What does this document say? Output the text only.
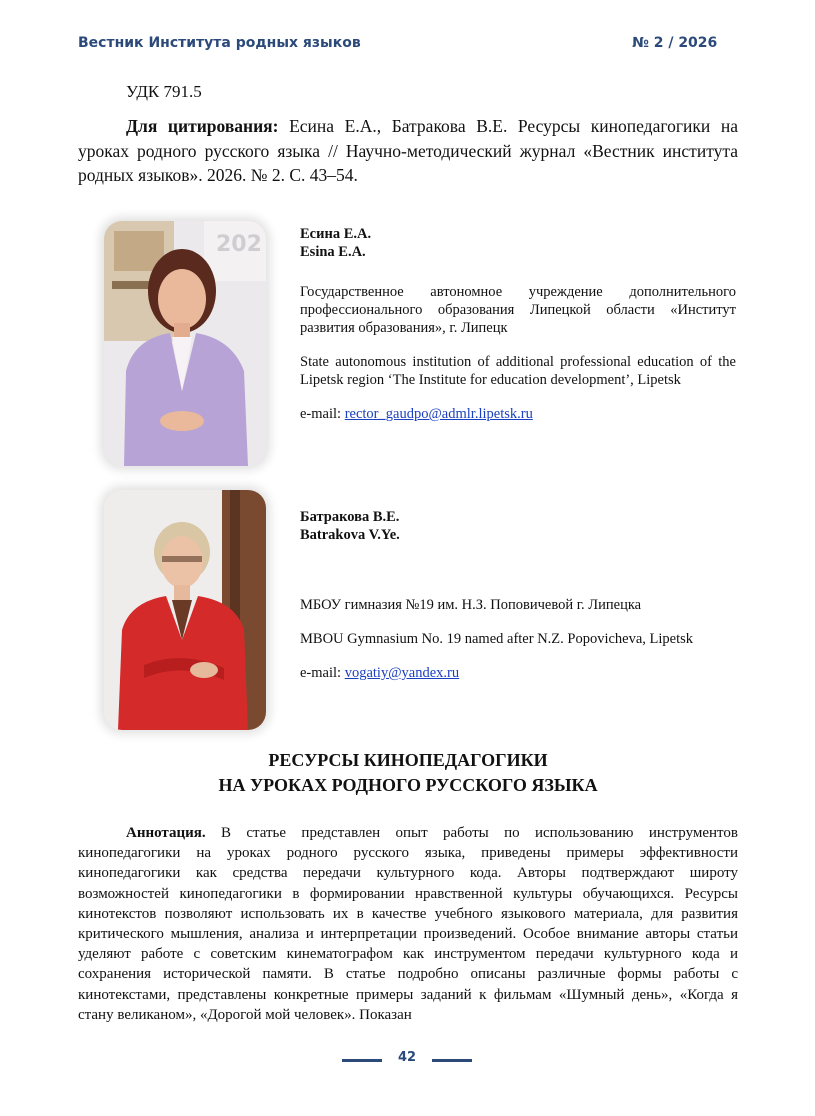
Вестник Института родных языков	№ 2 / 2026
УДК 791.5
Для цитирования: Есина Е.А., Батракова В.Е. Ресурсы кинопедагогики на уроках родного русского языка // Научно-методический журнал «Вестник института родных языков». 2026. № 2. С. 43–54.
202	Есина Е.А.
Esina E.A.

Государственное автономное учреждение дополнительного профессионального образования Липецкой области «Институт развития образования», г. Липецк

State autonomous institution of additional professional education of the Lipetsk region ‘The Institute for education development’, Lipetsk

e-mail: rector_gaudpo@admlr.lipetsk.ru

Батракова В.Е.
Batrakova V.Ye.

МБОУ гимназия №19 им. Н.З. Поповичевой г. Липецка

MBOU Gymnasium No. 19 named after N.Z. Popovicheva, Lipetsk

e-mail: vogatiy@yandex.ru

РЕСУРСЫ КИНОПЕДАГОГИКИ
НА УРОКАХ РОДНОГО РУССКОГО ЯЗЫКА
Аннотация. В статье представлен опыт работы по использованию инструментов кинопедагогики на уроках родного русского языка, приведены примеры эффективности кинопедагогики как средства передачи культурного кода. Авторы подтверждают широту возможностей кинопедагогики в формировании нравственной культуры обучающихся. Ресурсы кинотекстов позволяют использовать их в качестве учебного языкового материала, для развития критического мышления, анализа и интерпретации произведений. Особое внимание авторы статьи уделяют работе с советским кинематографом как инструментом передачи культурного кода и сохранения исторической памяти. В статье подробно описаны различные формы работы с кинотекстами, представлены конкретные примеры заданий к фильмам «Шумный день», «Когда я стану великаном», «Дорогой мой человек». Показан
42
